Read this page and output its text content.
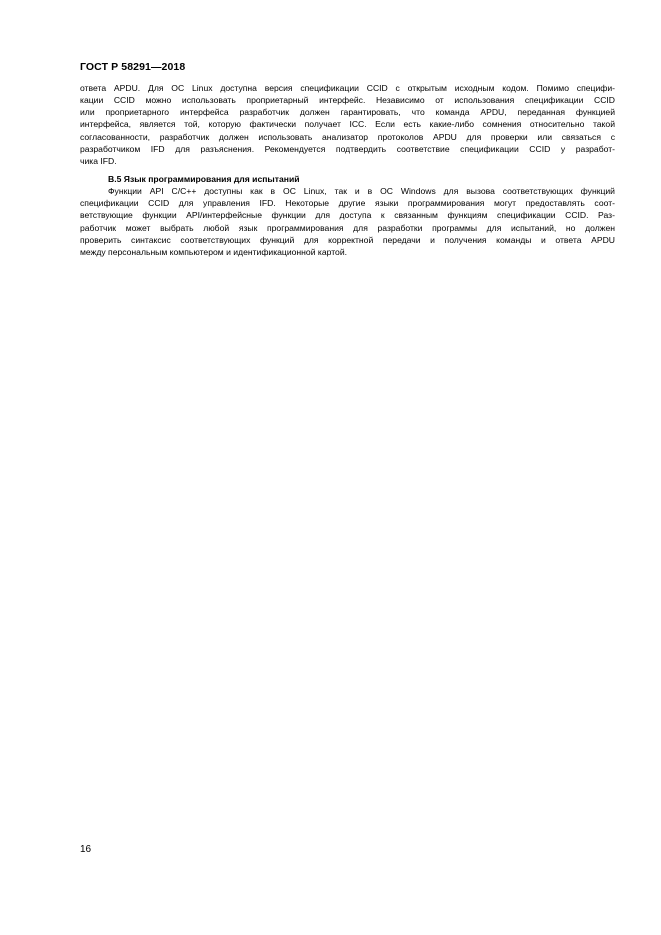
ГОСТ Р 58291—2018
ответа APDU. Для ОС Linux доступна версия спецификации CCID с открытым исходным кодом. Помимо специфи-
кации CCID можно использовать проприетарный интерфейс. Независимо от использования спецификации CCID
или проприетарного интерфейса разработчик должен гарантировать, что команда APDU, переданная функцией
интерфейса, является той, которую фактически получает ICC. Если есть какие-либо сомнения относительно такой
согласованности, разработчик должен использовать анализатор протоколов APDU для проверки или связаться с
разработчиком IFD для разъяснения. Рекомендуется подтвердить соответствие спецификации CCID у разработ-
чика IFD.
В.5 Язык программирования для испытаний
Функции API C/C++ доступны как в ОС Linux, так и в ОС Windows для вызова соответствующих функций
спецификации CCID для управления IFD. Некоторые другие языки программирования могут предоставлять соот-
ветствующие функции API/интерфейсные функции для доступа к связанным функциям спецификации CCID. Раз-
работчик может выбрать любой язык программирования для разработки программы для испытаний, но должен
проверить синтаксис соответствующих функций для корректной передачи и получения команды и ответа APDU
между персональным компьютером и идентификационной картой.
16
